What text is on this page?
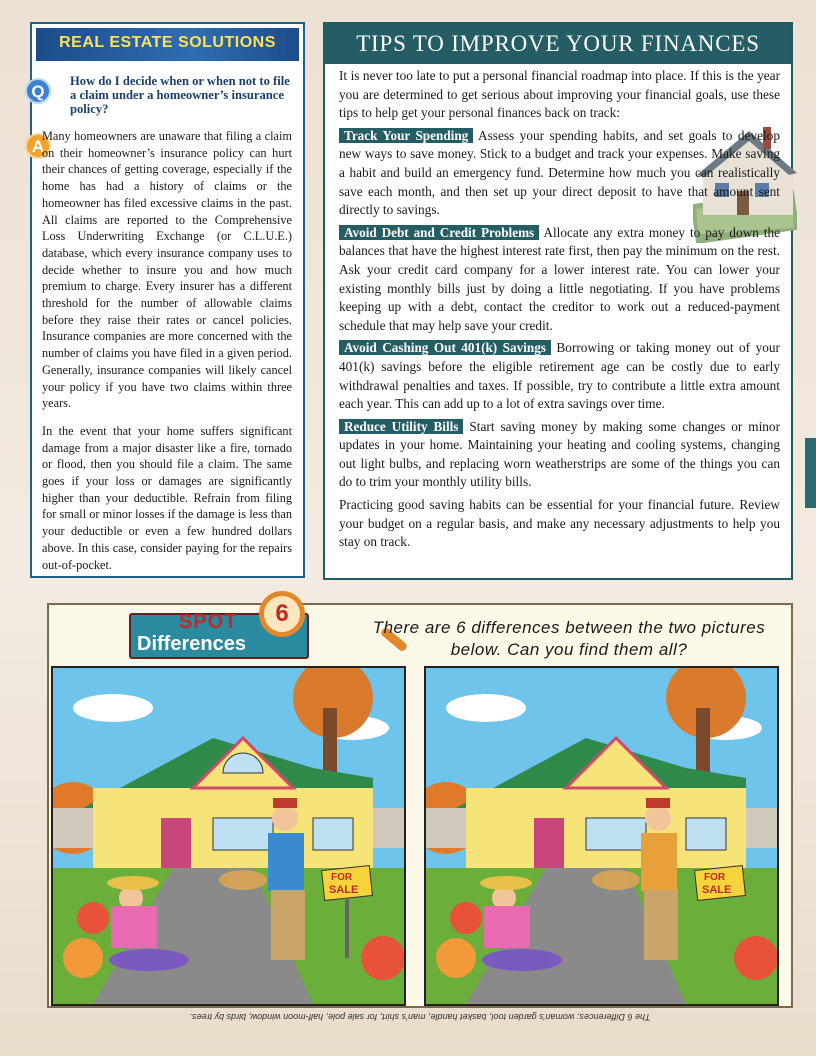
REAL ESTATE SOLUTIONS
Q
How do I decide when or when not to file a claim under a homeowner’s insurance policy?
A

Many homeowners are unaware that filing a claim on their homeowner’s insurance policy can hurt their chances of getting coverage, especially if the home has had a history of claims or the homeowner has filed excessive claims in the past. All claims are reported to the Comprehensive Loss Underwriting Exchange (or C.L.U.E.) database, which every insurance company uses to decide whether to insure you and how much premium to charge. Every insurer has a different threshold for the number of allowable claims before they raise their rates or cancel policies. Insurance companies are more concerned with the number of claims you have filed in a given period. Generally, insurance companies will likely cancel your policy if you have two claims within three years.

In the event that your home suffers significant damage from a major disaster like a fire, tornado or flood, then you should file a claim. The same goes if your loss or damages are significantly higher than your deductible. Refrain from filing for small or minor losses if the damage is less than your deductible or even a few hundred dollars above. In this case, consider paying for the repairs out-of-pocket.

TIPS TO IMPROVE YOUR FINANCES

It is never too late to put a personal financial roadmap into place. If this is the year you are determined to get serious about improving your financial goals, use these tips to help get your personal finances back on track:

Track Your Spending Assess your spending habits, and set goals to develop new ways to save money. Stick to a budget and track your expenses. Make saving a habit and build an emergency fund. Determine how much you can realistically save each month, and then set up your direct deposit to have that amount sent directly to savings.

Avoid Debt and Credit Problems Allocate any extra money to pay down the balances that have the highest interest rate first, then pay the minimum on the rest. Ask your credit card company for a lower interest rate. You can lower your existing monthly bills just by doing a little negotiating. If you have problems keeping up with a debt, contact the creditor to work out a reduced-payment schedule that may help save your credit.

Avoid Cashing Out 401(k) Savings Borrowing or taking money out of your 401(k) savings before the eligible retirement age can be costly due to early withdrawal penalties and taxes. If possible, try to contribute a little extra amount each year. This can add up to a lot of extra savings over time.

Reduce Utility Bills Start saving money by making some changes or minor updates in your home. Maintaining your heating and cooling systems, changing out light bulbs, and replacing worn weatherstrips are some of the things you can do to trim your monthly utility bills.

Practicing good saving habits can be essential for your financial future. Review your budget on a regular basis, and make any necessary adjustments to help you stay on track.

SPOT
Differences
6
There are 6 differences between the two pictures below. Can you find them all?
FOR
SALE
FOR
SALE
The 6 Differences: woman’s garden tool, basket handle, man’s shirt, for sale pole, half-moon window, birds by trees.
